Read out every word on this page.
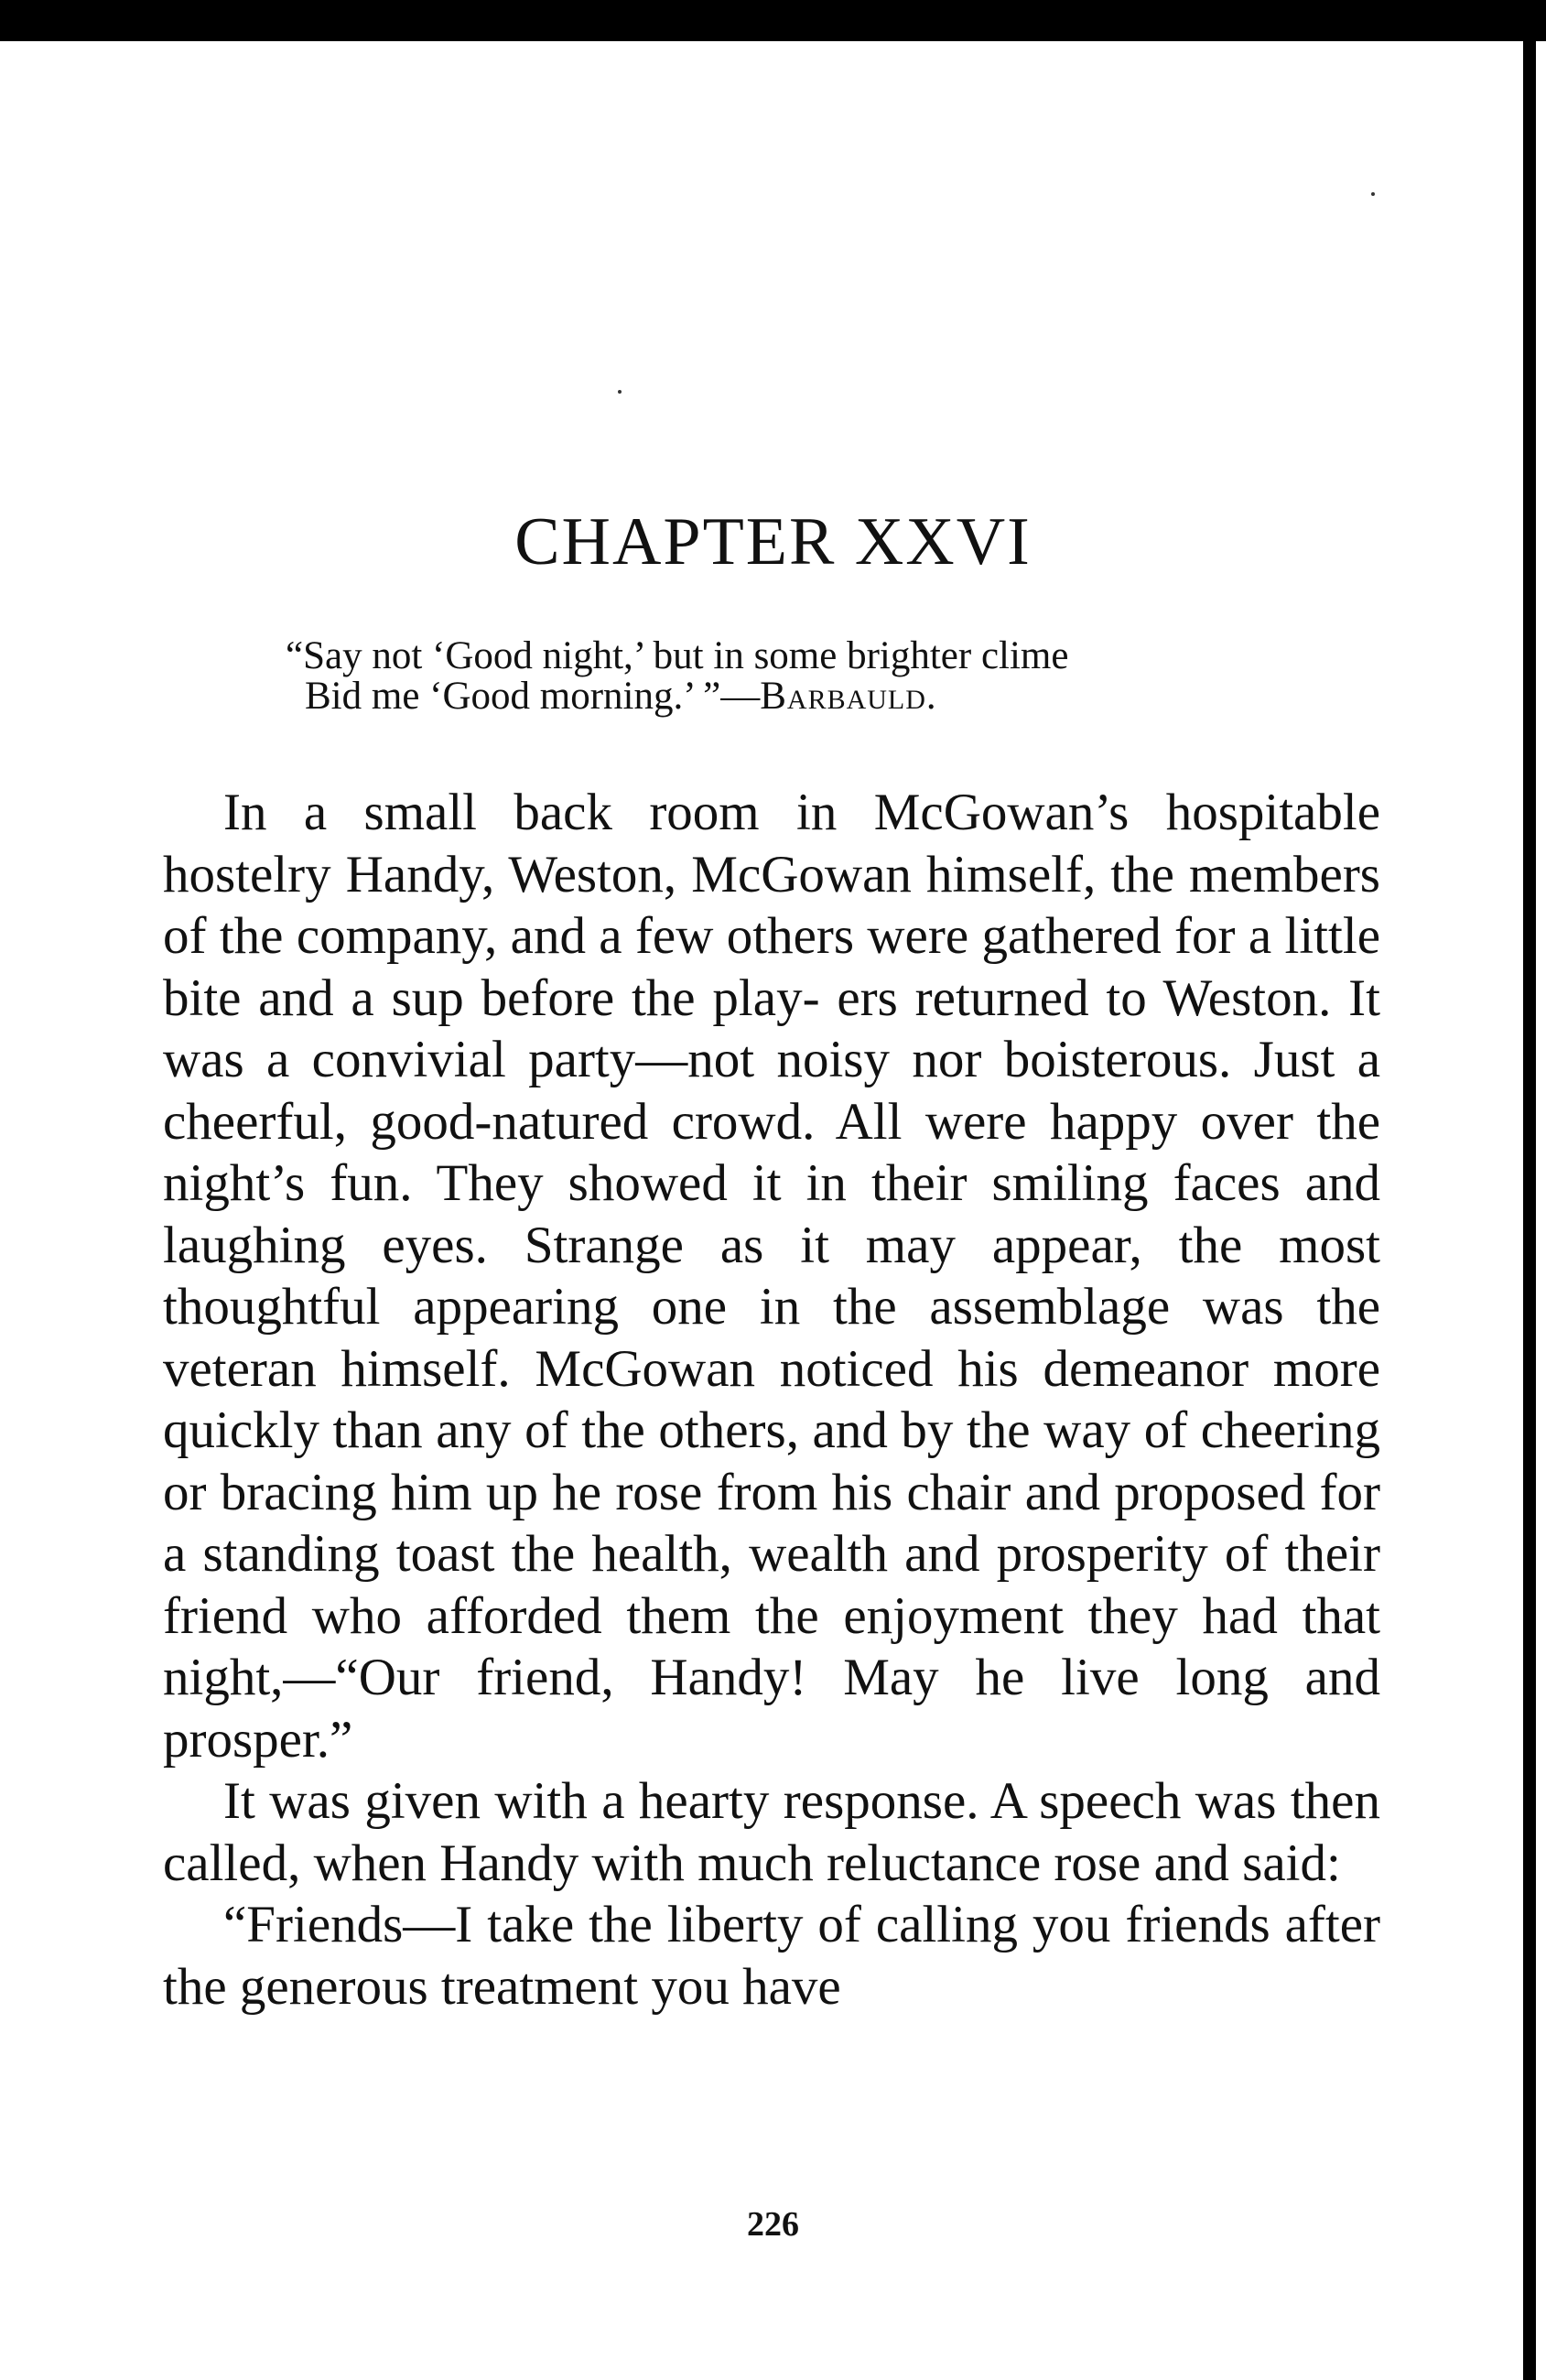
CHAPTER XXVI
“Say not ‘Good night,’ but in some brighter clime
Bid me ‘Good morning.’ ”—Barbauld.

In a small back room in McGowan’s hospitable hostelry Handy, Weston, McGowan himself, the members of the company, and a few others were gathered for a little bite and a sup before the play- ers returned to Weston. It was a convivial party—not noisy nor boisterous. Just a cheerful, good-natured crowd. All were happy over the night’s fun. They showed it in their smiling faces and laughing eyes. Strange as it may appear, the most thoughtful appearing one in the assemblage was the veteran himself. McGowan noticed his demeanor more quickly than any of the others, and by the way of cheering or bracing him up he rose from his chair and proposed for a standing toast the health, wealth and prosperity of their friend who afforded them the enjoyment they had that night,—“Our friend, Handy! May he live long and prosper.”

It was given with a hearty response. A speech was then called, when Handy with much reluctance rose and said:

“Friends—I take the liberty of calling you friends after the generous treatment you have

226
